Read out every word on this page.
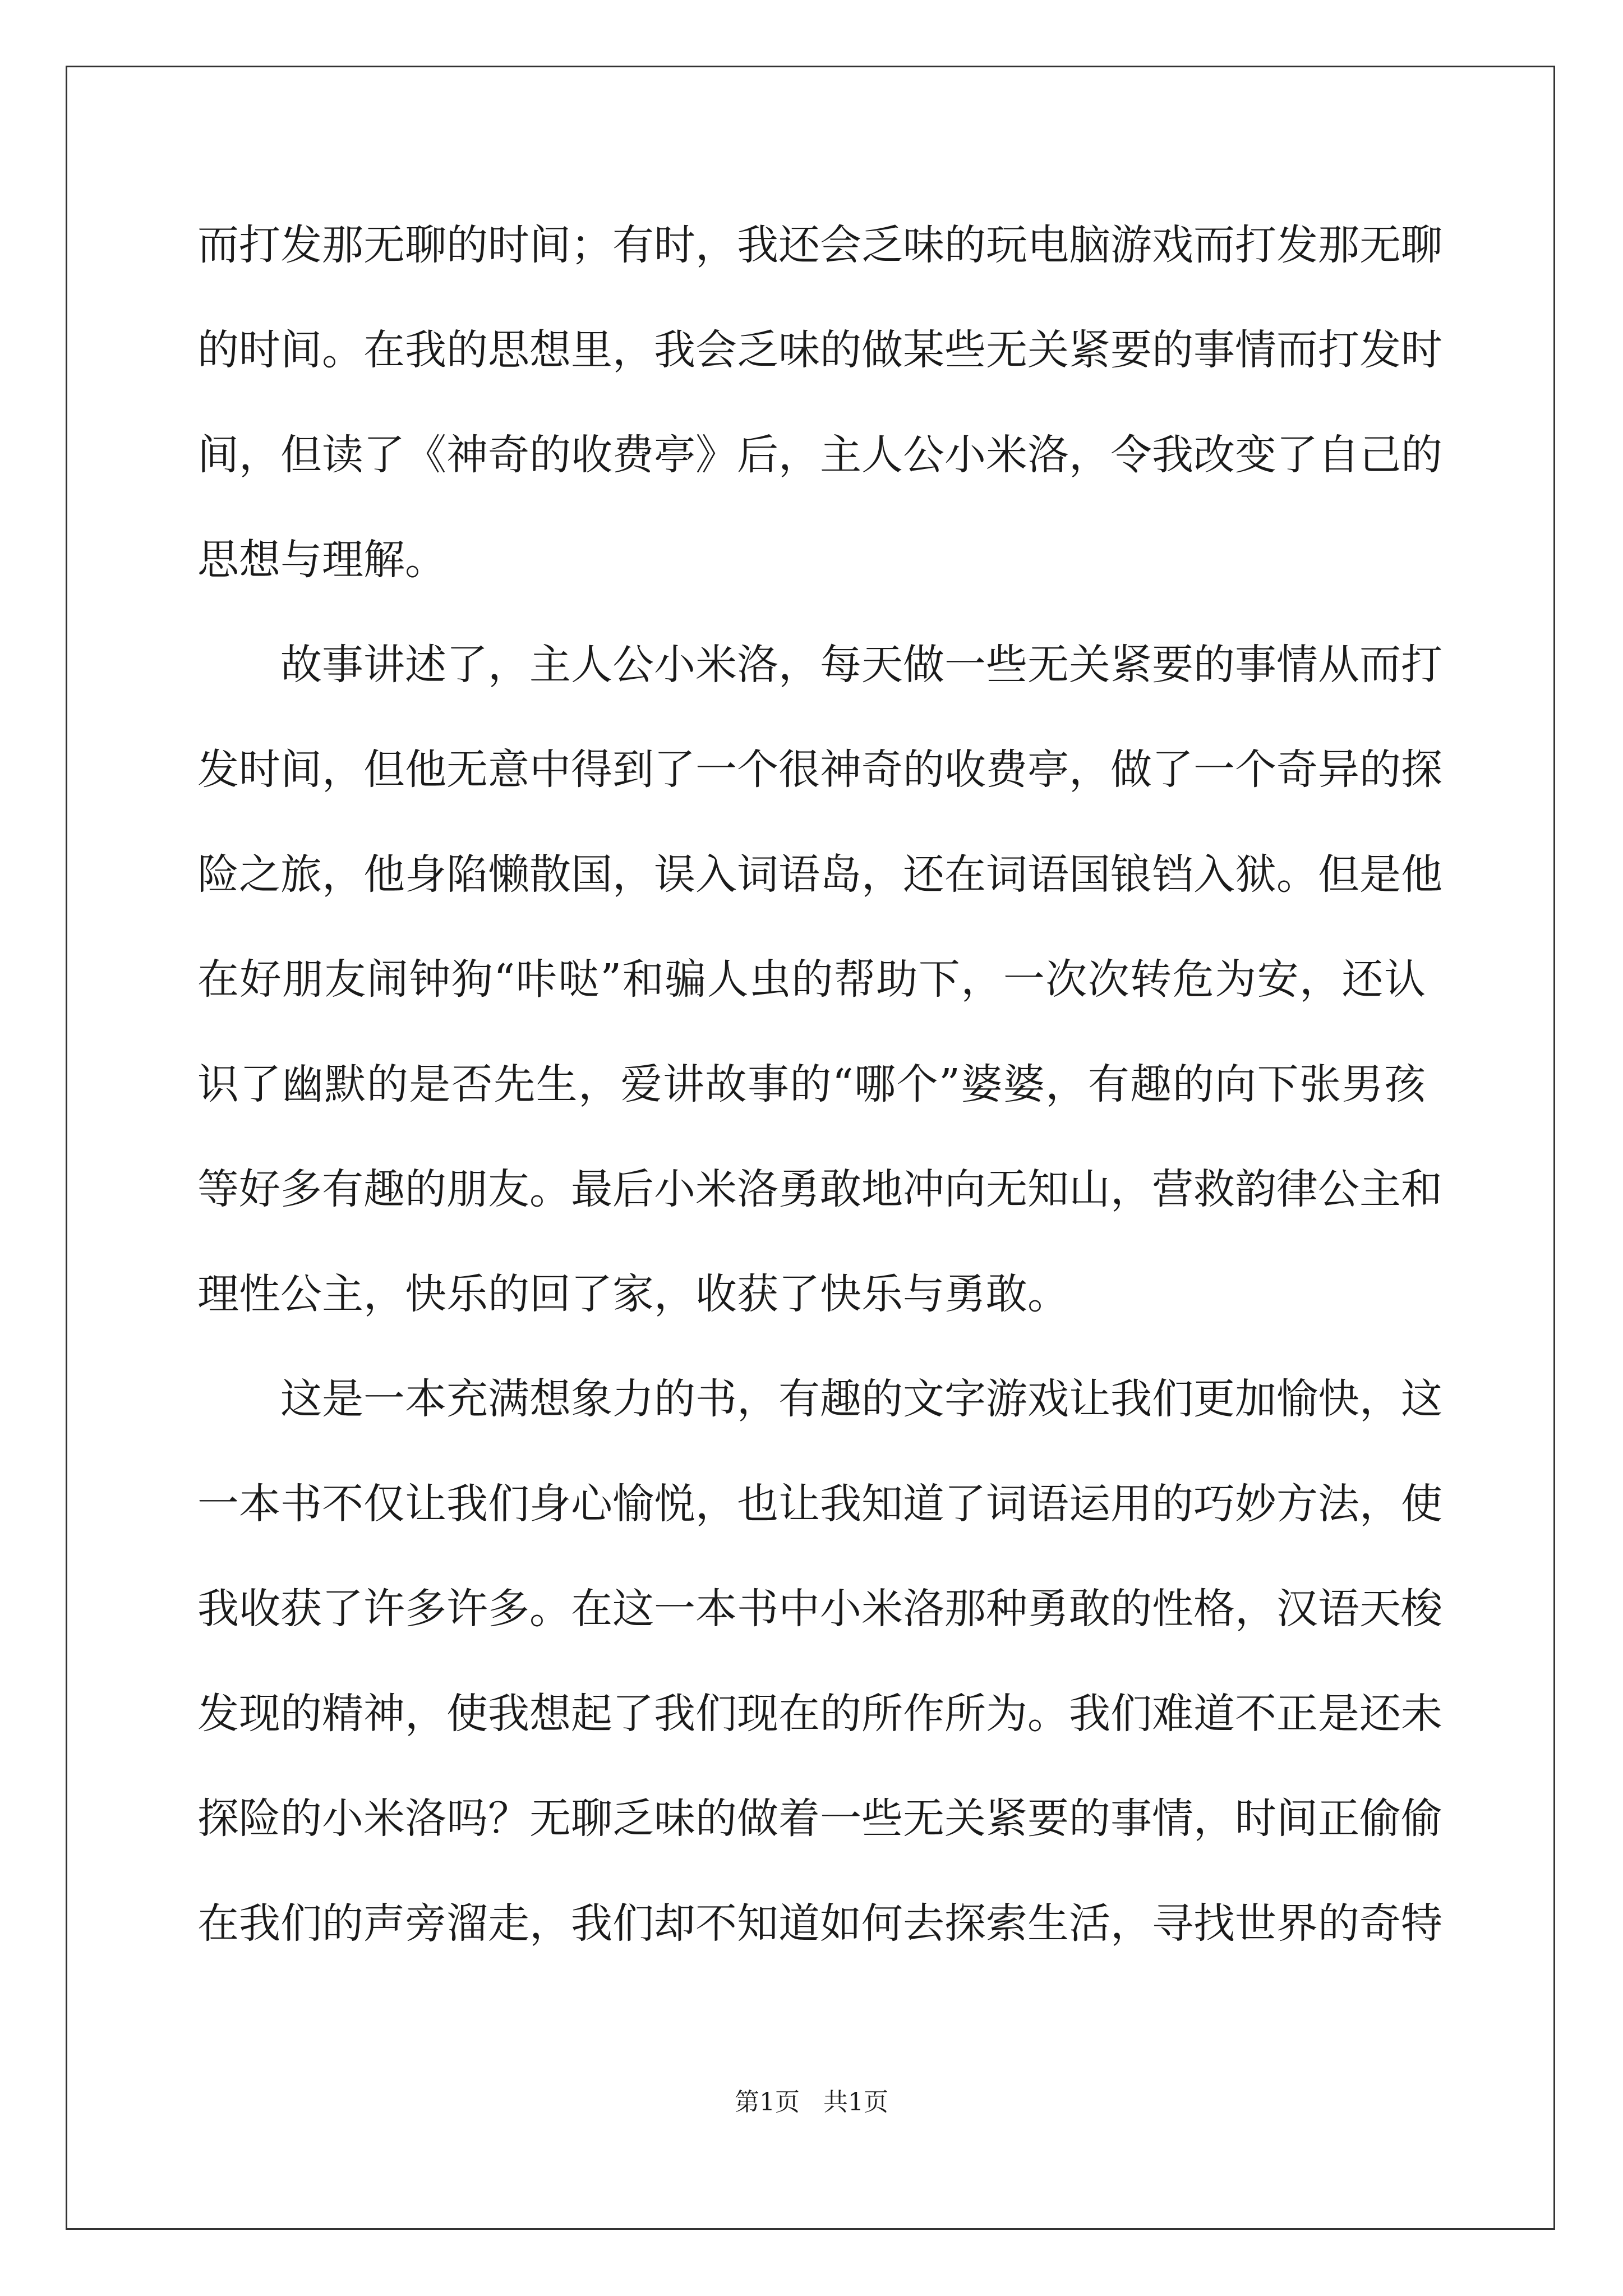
而打发那无聊的时间；有时，我还会乏味的玩电脑游戏而打发那无聊
的时间。在我的思想里，我会乏味的做某些无关紧要的事情而打发时
间，但读了《神奇的收费亭》后，主人公小米洛，令我改变了自己的
思想与理解。
故事讲述了，主人公小米洛，每天做一些无关紧要的事情从而打
发时间，但他无意中得到了一个很神奇的收费亭，做了一个奇异的探
险之旅，他身陷懒散国，误入词语岛，还在词语国锒铛入狱。但是他
在好朋友闹钟狗“咔哒”和骗人虫的帮助下，一次次转危为安，还认
识了幽默的是否先生，爱讲故事的“哪个”婆婆，有趣的向下张男孩
等好多有趣的朋友。最后小米洛勇敢地冲向无知山，营救韵律公主和
理性公主，快乐的回了家，收获了快乐与勇敢。
这是一本充满想象力的书，有趣的文字游戏让我们更加愉快，这
一本书不仅让我们身心愉悦，也让我知道了词语运用的巧妙方法，使
我收获了许多许多。在这一本书中小米洛那种勇敢的性格，汉语天梭
发现的精神，使我想起了我们现在的所作所为。我们难道不正是还未
探险的小米洛吗？无聊乏味的做着一些无关紧要的事情，时间正偷偷
在我们的声旁溜走，我们却不知道如何去探索生活，寻找世界的奇特
第1页 共1页
